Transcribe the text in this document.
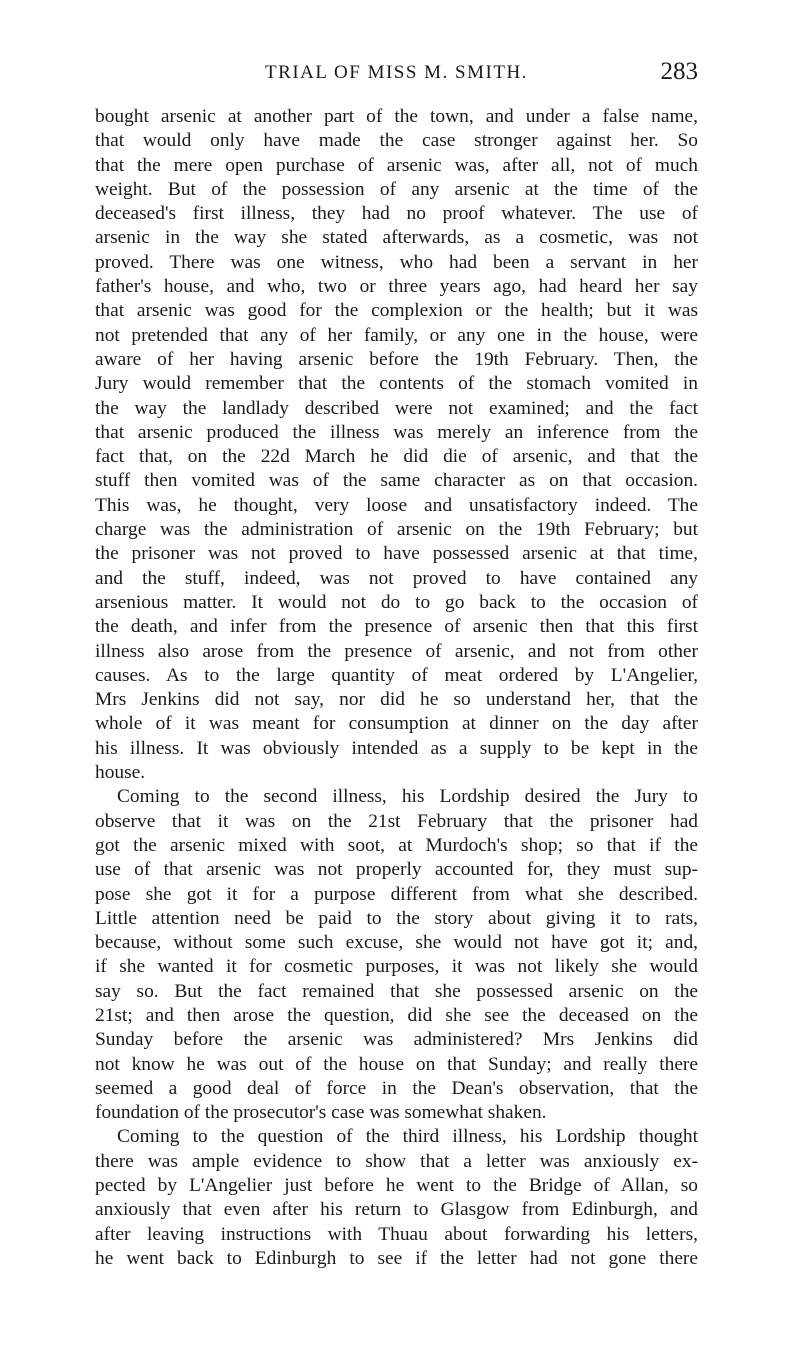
TRIAL OF MISS M. SMITH.	283
bought arsenic at another part of the town, and under a false name,
that would only have made the case stronger against her. So
that the mere open purchase of arsenic was, after all, not of much
weight. But of the possession of any arsenic at the time of the
deceased's first illness, they had no proof whatever. The use of
arsenic in the way she stated afterwards, as a cosmetic, was not
proved. There was one witness, who had been a servant in her
father's house, and who, two or three years ago, had heard her say
that arsenic was good for the complexion or the health; but it was
not pretended that any of her family, or any one in the house, were
aware of her having arsenic before the 19th February. Then, the
Jury would remember that the contents of the stomach vomited in
the way the landlady described were not examined; and the fact
that arsenic produced the illness was merely an inference from the
fact that, on the 22d March he did die of arsenic, and that the
stuff then vomited was of the same character as on that occasion.
This was, he thought, very loose and unsatisfactory indeed. The
charge was the administration of arsenic on the 19th February; but
the prisoner was not proved to have possessed arsenic at that time,
and the stuff, indeed, was not proved to have contained any
arsenious matter. It would not do to go back to the occasion of
the death, and infer from the presence of arsenic then that this first
illness also arose from the presence of arsenic, and not from other
causes. As to the large quantity of meat ordered by L'Angelier,
Mrs Jenkins did not say, nor did he so understand her, that the
whole of it was meant for consumption at dinner on the day after
his illness. It was obviously intended as a supply to be kept in the
house.
Coming to the second illness, his Lordship desired the Jury to
observe that it was on the 21st February that the prisoner had
got the arsenic mixed with soot, at Murdoch's shop; so that if the
use of that arsenic was not properly accounted for, they must sup-
pose she got it for a purpose different from what she described.
Little attention need be paid to the story about giving it to rats,
because, without some such excuse, she would not have got it; and,
if she wanted it for cosmetic purposes, it was not likely she would
say so. But the fact remained that she possessed arsenic on the
21st; and then arose the question, did she see the deceased on the
Sunday before the arsenic was administered? Mrs Jenkins did
not know he was out of the house on that Sunday; and really there
seemed a good deal of force in the Dean's observation, that the
foundation of the prosecutor's case was somewhat shaken.
Coming to the question of the third illness, his Lordship thought
there was ample evidence to show that a letter was anxiously ex-
pected by L'Angelier just before he went to the Bridge of Allan, so
anxiously that even after his return to Glasgow from Edinburgh, and
after leaving instructions with Thuau about forwarding his letters,
he went back to Edinburgh to see if the letter had not gone there
